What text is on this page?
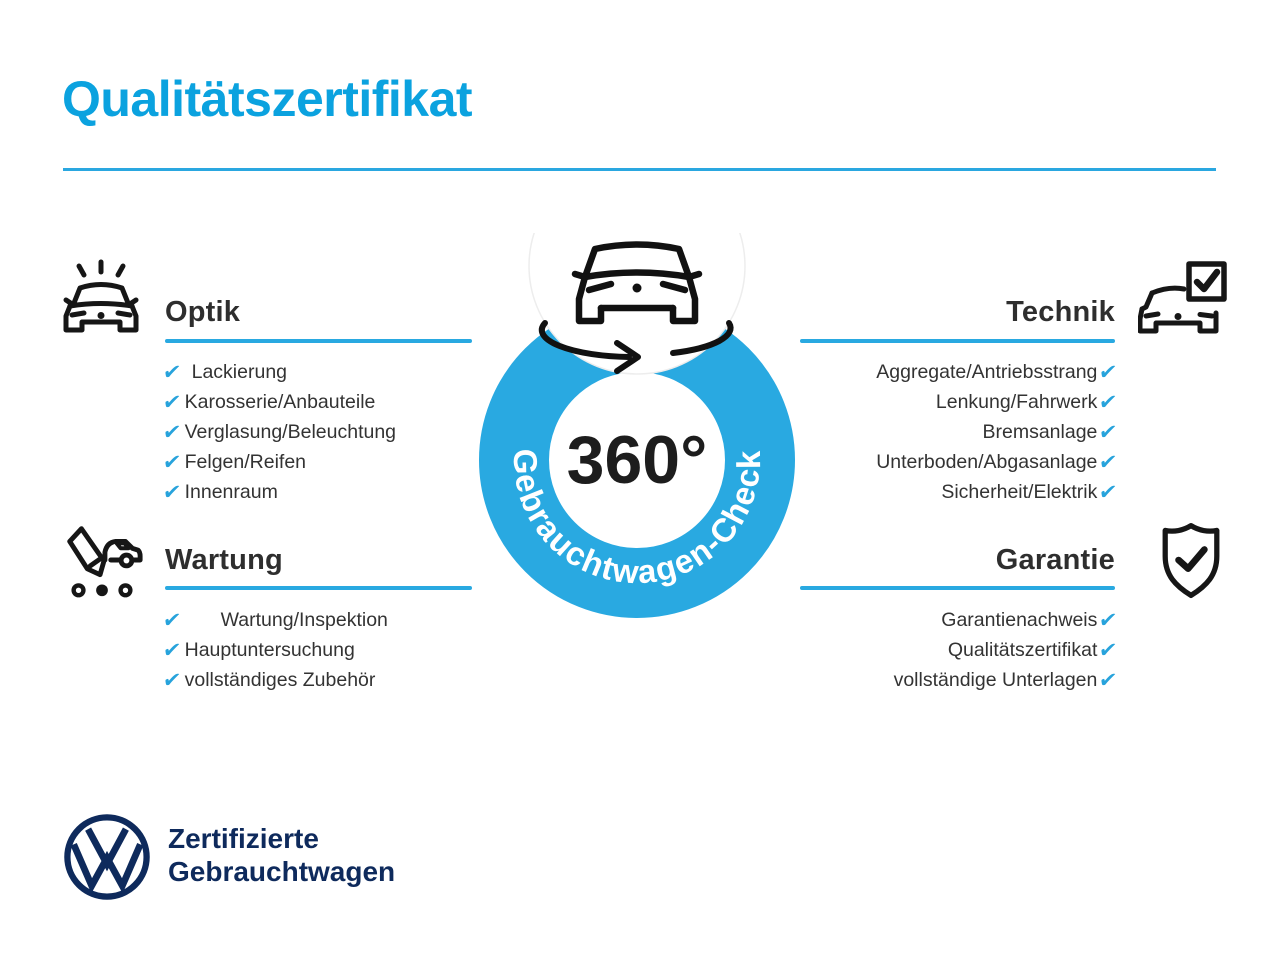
Qualitätszertifikat
Optik
✔ Lackierung
✔ Karosserie/Anbauteile
✔ Verglasung/Beleuchtung
✔ Felgen/Reifen
✔ Innenraum
Technik
Aggregate/Antriebsstrang ✔
Lenkung/Fahrwerk ✔
Bremsanlage ✔
Unterboden/Abgasanlage ✔
Sicherheit/Elektrik ✔
Wartung
✔ Wartung/Inspektion
✔ Hauptuntersuchung
✔ vollständiges Zubehör
Garantie
Garantienachweis ✔
Qualitätszertifikat ✔
vollständige Unterlagen ✔
360°
Gebrauchtwagen-Check
Zertifizierte
Gebrauchtwagen
